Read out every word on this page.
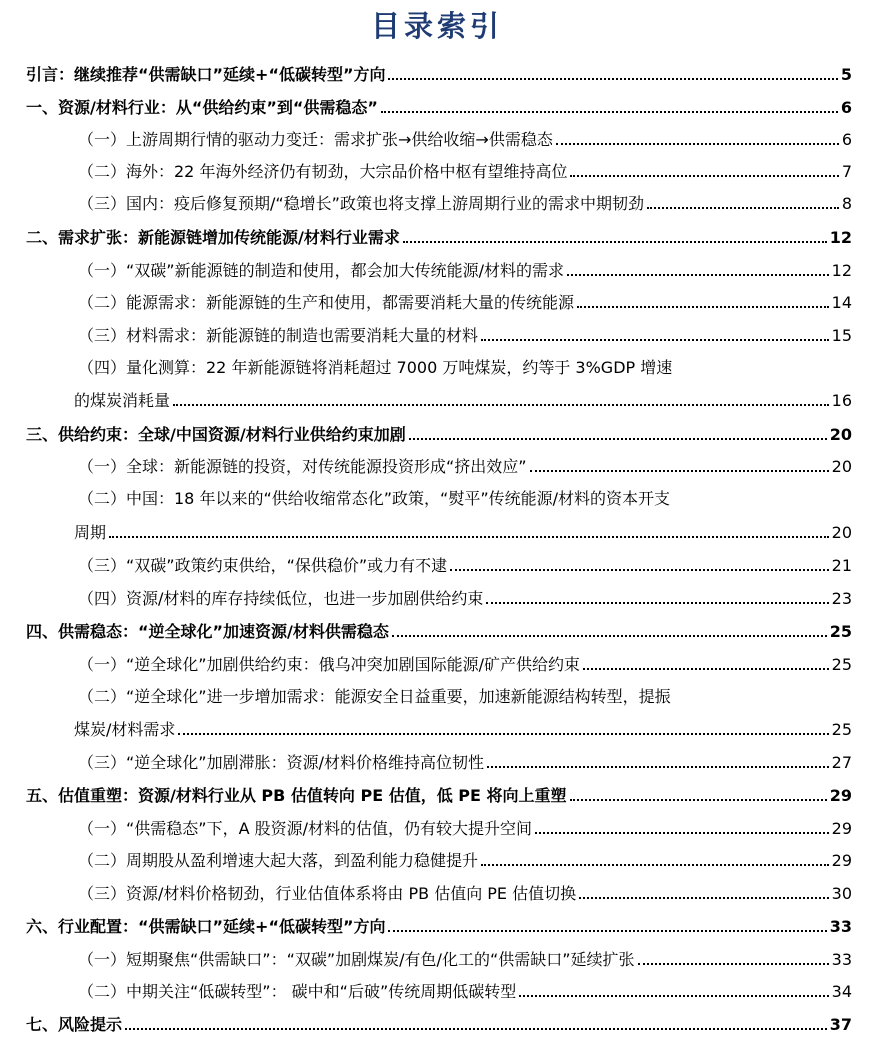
目录索引
引言：继续推荐“供需缺口”延续+“低碳转型”方向	5
一、资源/材料行业：从“供给约束”到“供需稳态”	6
（一）上游周期行情的驱动力变迁：需求扩张→供给收缩→供需稳态	6
（二）海外：22 年海外经济仍有韧劲，大宗品价格中枢有望维持高位	7
（三）国内：疫后修复预期/“稳增长”政策也将支撑上游周期行业的需求中期韧劲	8
二、需求扩张：新能源链增加传统能源/材料行业需求	12
（一）“双碳”新能源链的制造和使用，都会加大传统能源/材料的需求	12
（二）能源需求：新能源链的生产和使用，都需要消耗大量的传统能源	14
（三）材料需求：新能源链的制造也需要消耗大量的材料	15
（四）量化测算：22 年新能源链将消耗超过 7000 万吨煤炭，约等于 3%GDP 增速
的煤炭消耗量	16
三、供给约束：全球/中国资源/材料行业供给约束加剧	20
（一）全球：新能源链的投资，对传统能源投资形成“挤出效应”	20
（二）中国：18 年以来的“供给收缩常态化”政策，“熨平”传统能源/材料的资本开支
周期	20
（三）“双碳”政策约束供给，“保供稳价”或力有不逮	21
（四）资源/材料的库存持续低位，也进一步加剧供给约束	23
四、供需稳态：“逆全球化”加速资源/材料供需稳态	25
（一）“逆全球化”加剧供给约束：俄乌冲突加剧国际能源/矿产供给约束	25
（二）“逆全球化”进一步增加需求：能源安全日益重要，加速新能源结构转型，提振
煤炭/材料需求	25
（三）“逆全球化”加剧滞胀：资源/材料价格维持高位韧性	27
五、估值重塑：资源/材料行业从 PB 估值转向 PE 估值，低 PE 将向上重塑	29
（一）“供需稳态”下，A 股资源/材料的估值，仍有较大提升空间	29
（二）周期股从盈利增速大起大落，到盈利能力稳健提升	29
（三）资源/材料价格韧劲，行业估值体系将由 PB 估值向 PE 估值切换	30
六、行业配置：“供需缺口”延续+“低碳转型”方向	33
（一）短期聚焦“供需缺口”：“双碳”加剧煤炭/有色/化工的“供需缺口”延续扩张	33
（二）中期关注“低碳转型”： 碳中和“后破”传统周期低碳转型	34
七、风险提示	37
